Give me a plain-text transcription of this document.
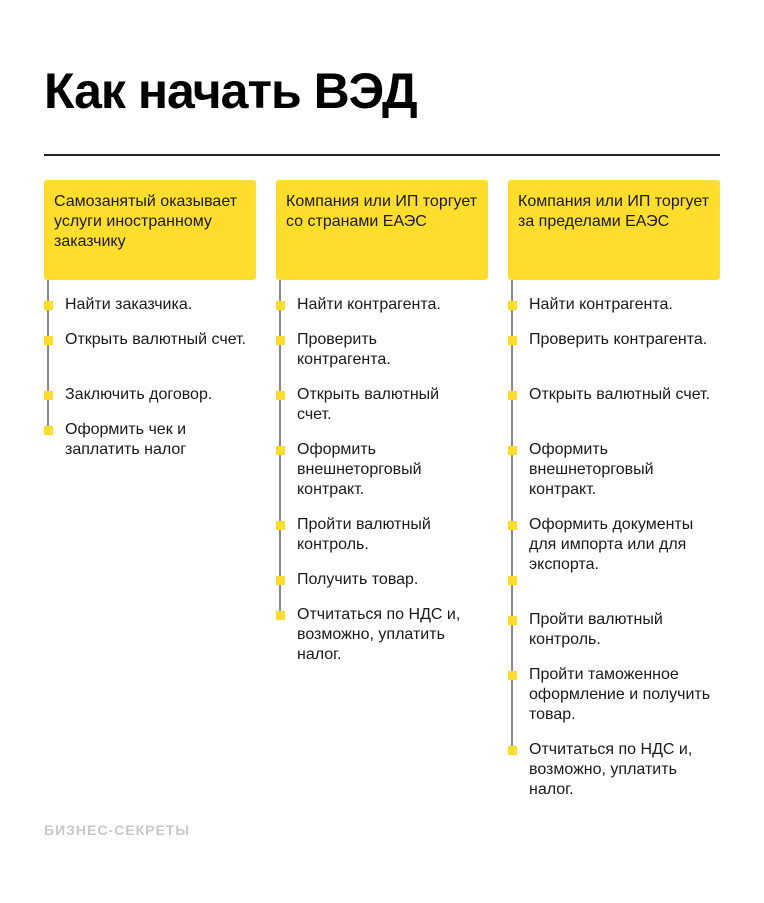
Как начать ВЭД
Самозанятый оказывает услуги иностранному заказчику
Найти заказчика.
Открыть валютный счет.
Заключить договор.
Оформить чек и заплатить налог
Компания или ИП торгует со странами ЕАЭС
Найти контрагента.
Проверить контрагента.
Открыть валютный счет.
Оформить внешнеторговый контракт.
Пройти валютный контроль.
Получить товар.
Отчитаться по НДС и, возможно, уплатить налог.
Компания или ИП торгует за пределами ЕАЭС
Найти контрагента.
Проверить контрагента.
Открыть валютный счет.
Оформить внешнеторговый контракт.
Оформить документы для импорта или для экспорта.
Пройти валютный контроль.
Пройти таможенное оформление и получить товар.
Отчитаться по НДС и, возможно, уплатить налог.
БИЗНЕС-СЕКРЕТЫ
